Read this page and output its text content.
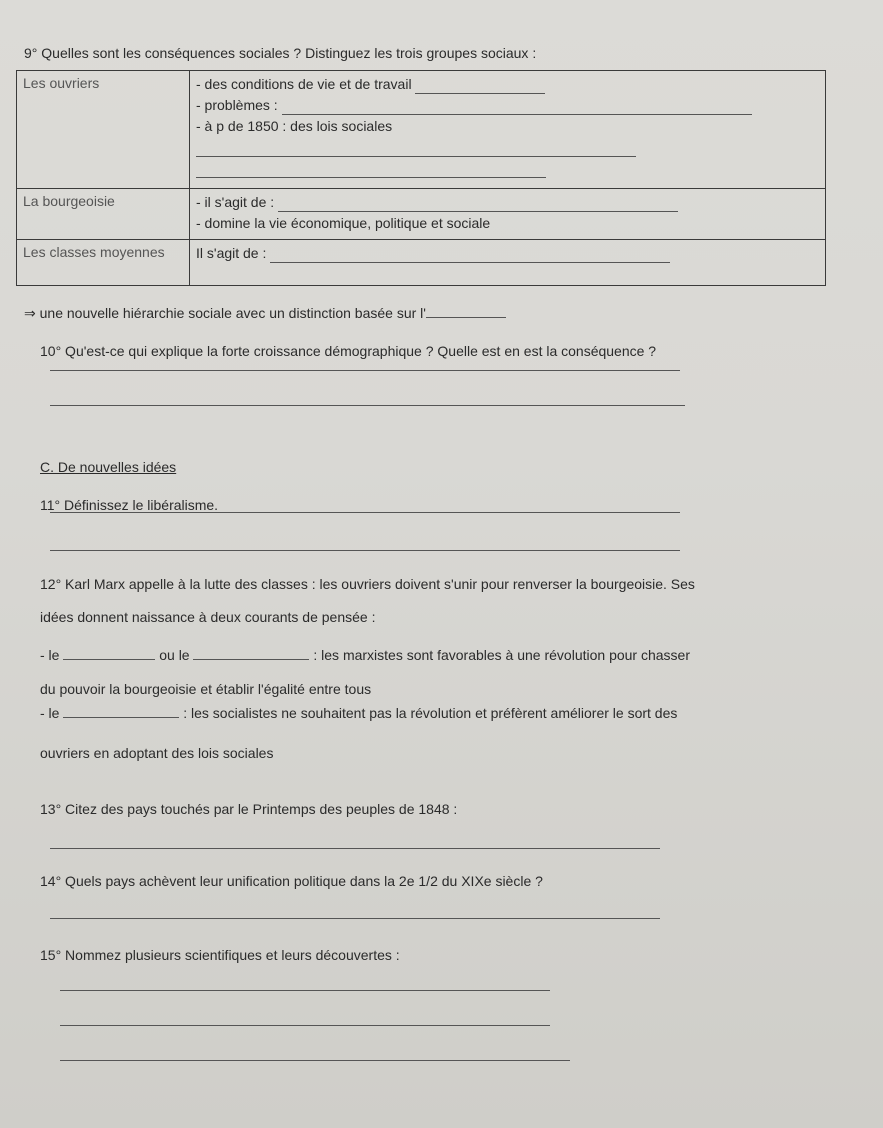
9° Quelles sont les conséquences sociales ? Distinguez les trois groupes sociaux :
Les ouvriers	- des conditions de vie et de travail
- problèmes :
- à p de 1850 : des lois sociales

La bourgeoisie	- il s'agit de :
- domine la vie économique, politique et sociale

Les classes moyennes	Il s'agit de :
⇒ une nouvelle hiérarchie sociale avec un distinction basée sur l'
10° Qu'est-ce qui explique la forte croissance démographique ? Quelle est en est la conséquence ?
C. De nouvelles idées
11° Définissez le libéralisme.
12° Karl Marx appelle à la lutte des classes : les ouvriers doivent s'unir pour renverser la bourgeoisie. Ses
idées donnent naissance à deux courants de pensée :
- le	ou le	: les marxistes sont favorables à une révolution pour chasser
du pouvoir la bourgeoisie et établir l'égalité entre tous
- le	: les socialistes ne souhaitent pas la révolution et préfèrent améliorer le sort des
ouvriers en adoptant des lois sociales
13° Citez des pays touchés par le Printemps des peuples de 1848 :
14° Quels pays achèvent leur unification politique dans la 2e 1/2 du XIXe siècle ?
15° Nommez plusieurs scientifiques et leurs découvertes :
